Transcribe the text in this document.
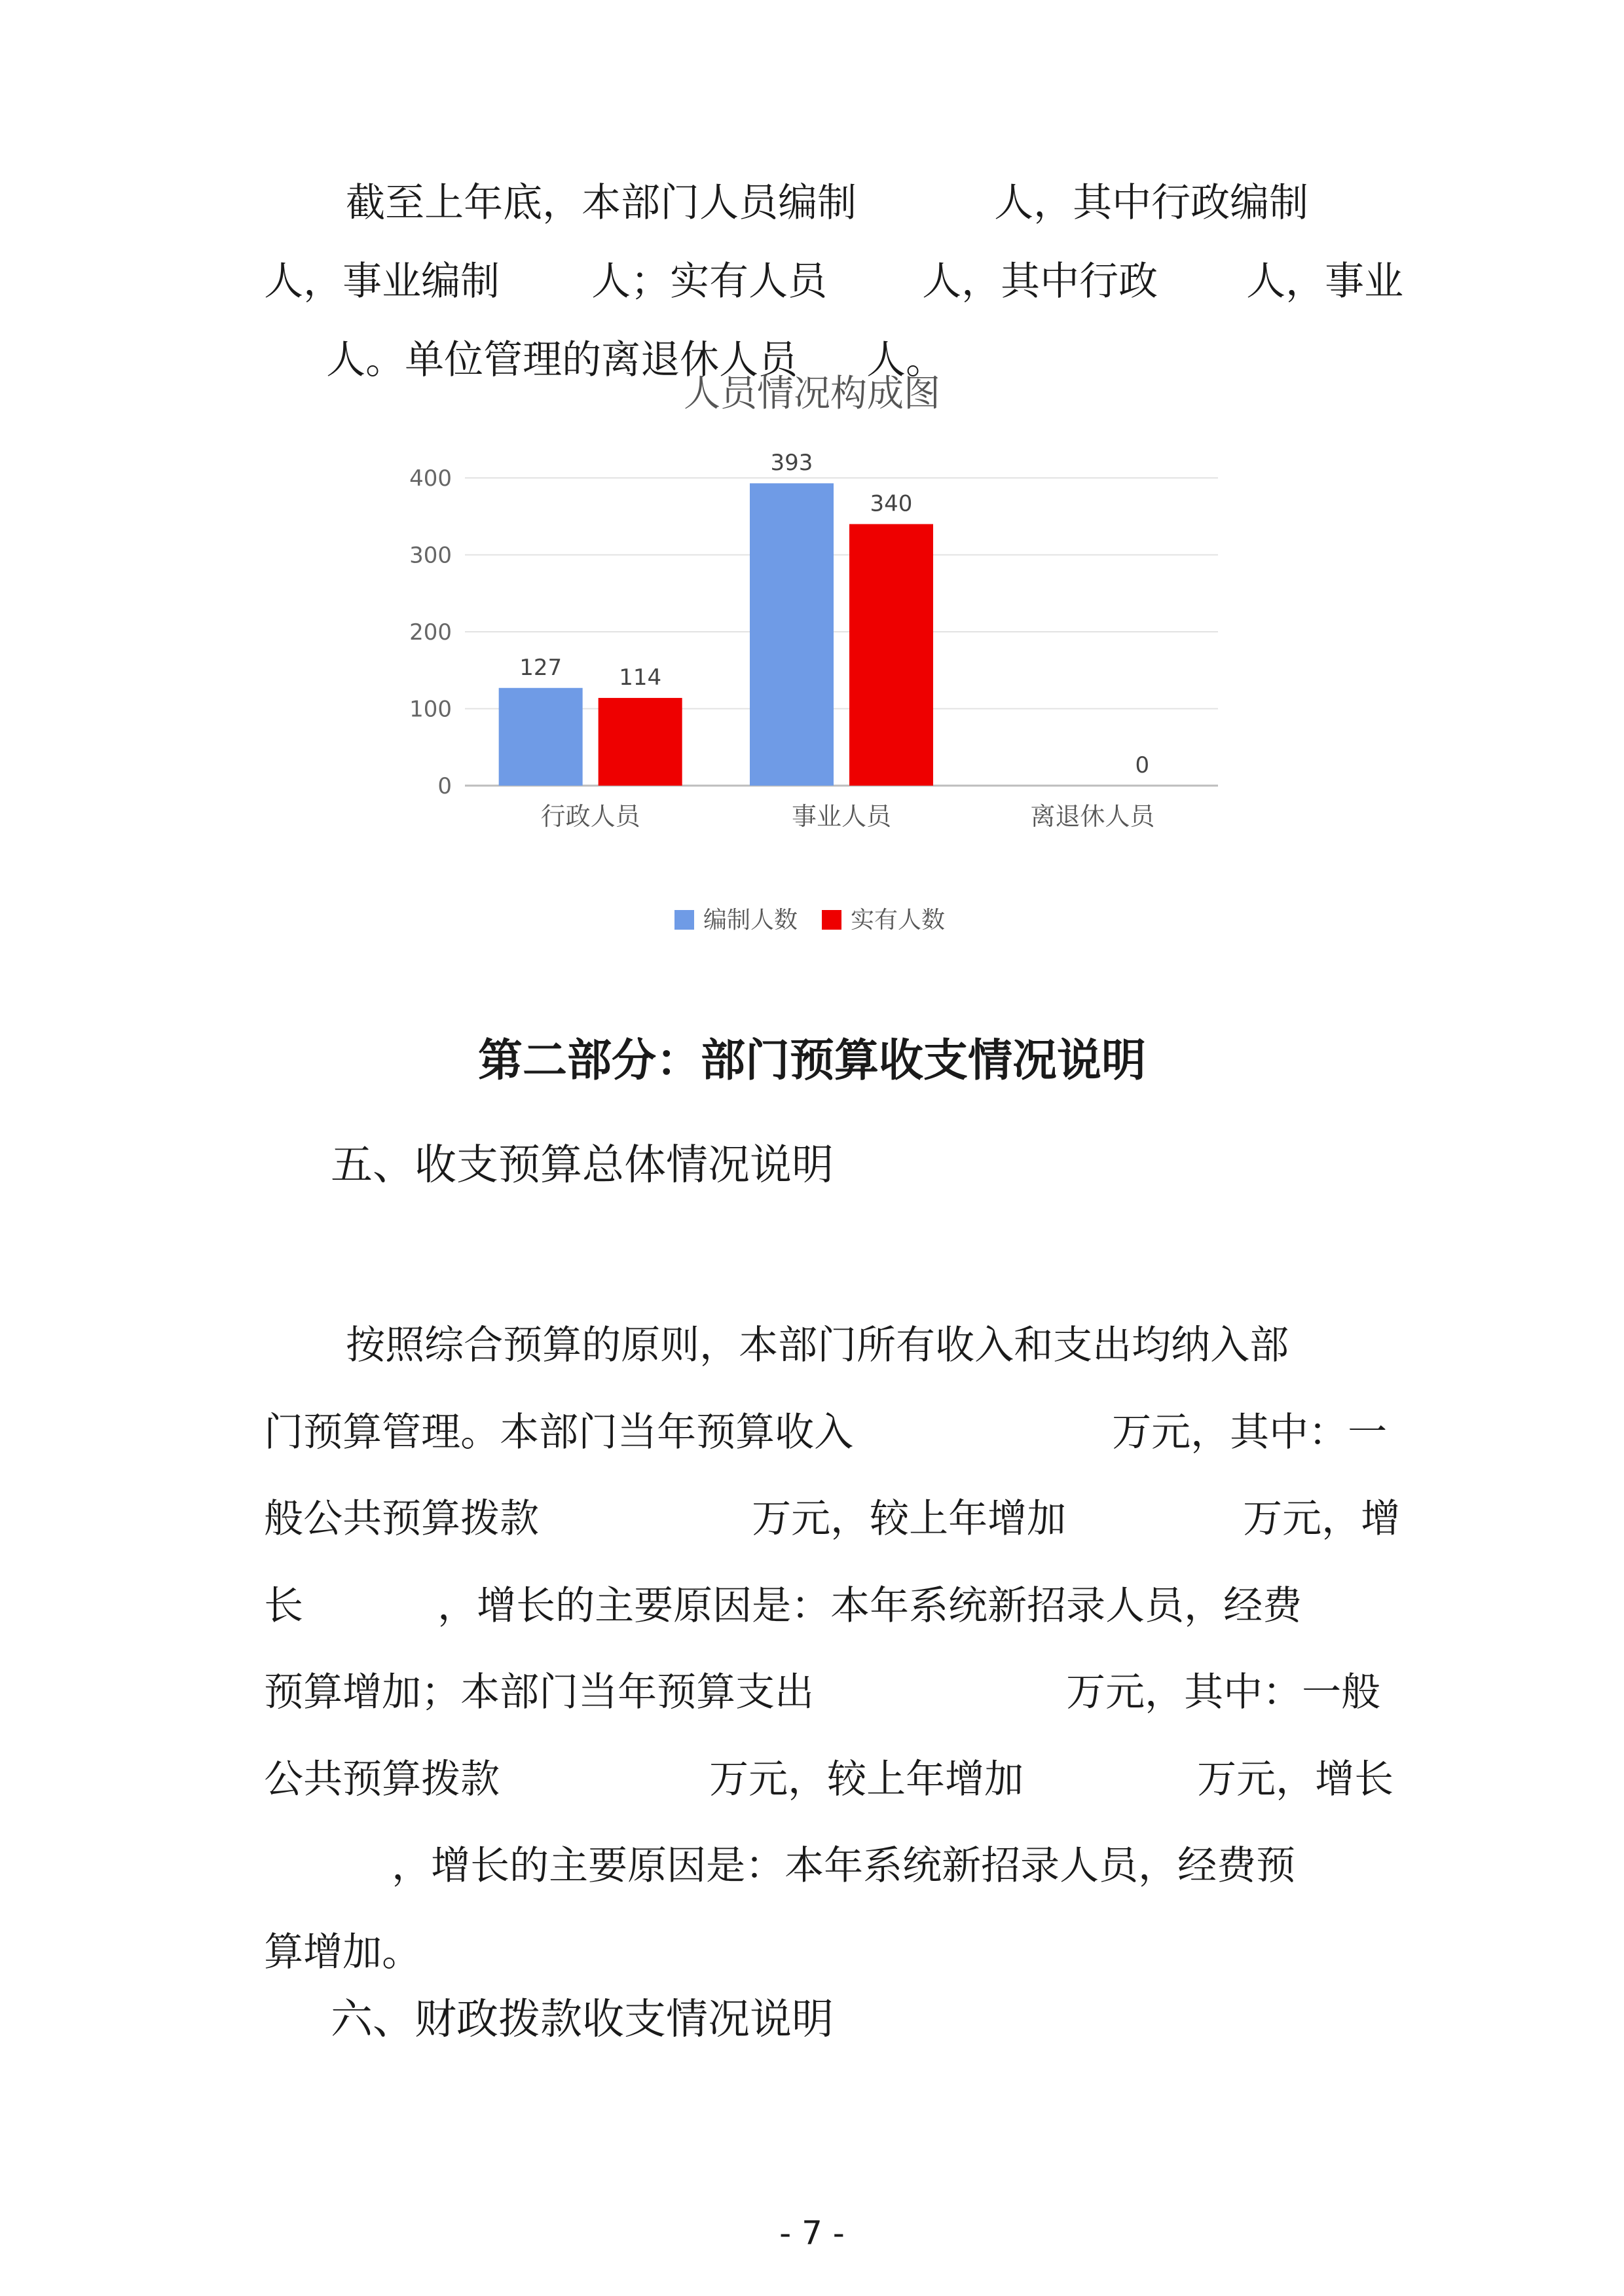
截至上年底，本部门人员编制	人，其中行政编制

人，事业编制	人；实有人员	人，其中行政	人，事业

人。单位管理的离退休人员	人。

人员情况构成图
0
100
200
300
400
127	114
393
340
0
行政人员	事业人员	离退休人员
编制人数 实有人数
第二部分：部门预算收支情况说明
五、收支预算总体情况说明

按照综合预算的原则，本部门所有收入和支出均纳入部

门预算管理。本部门当年预算收入	万元，其中：一

般公共预算拨款	万元，较上年增加	万元，增

长	，增长的主要原因是：本年系统新招录人员，经费

预算增加；本部门当年预算支出	万元，其中：一般

公共预算拨款	万元，较上年增加	万元，增长

，增长的主要原因是：本年系统新招录人员，经费预

算增加。

六、财政拨款收支情况说明
- 7 -
